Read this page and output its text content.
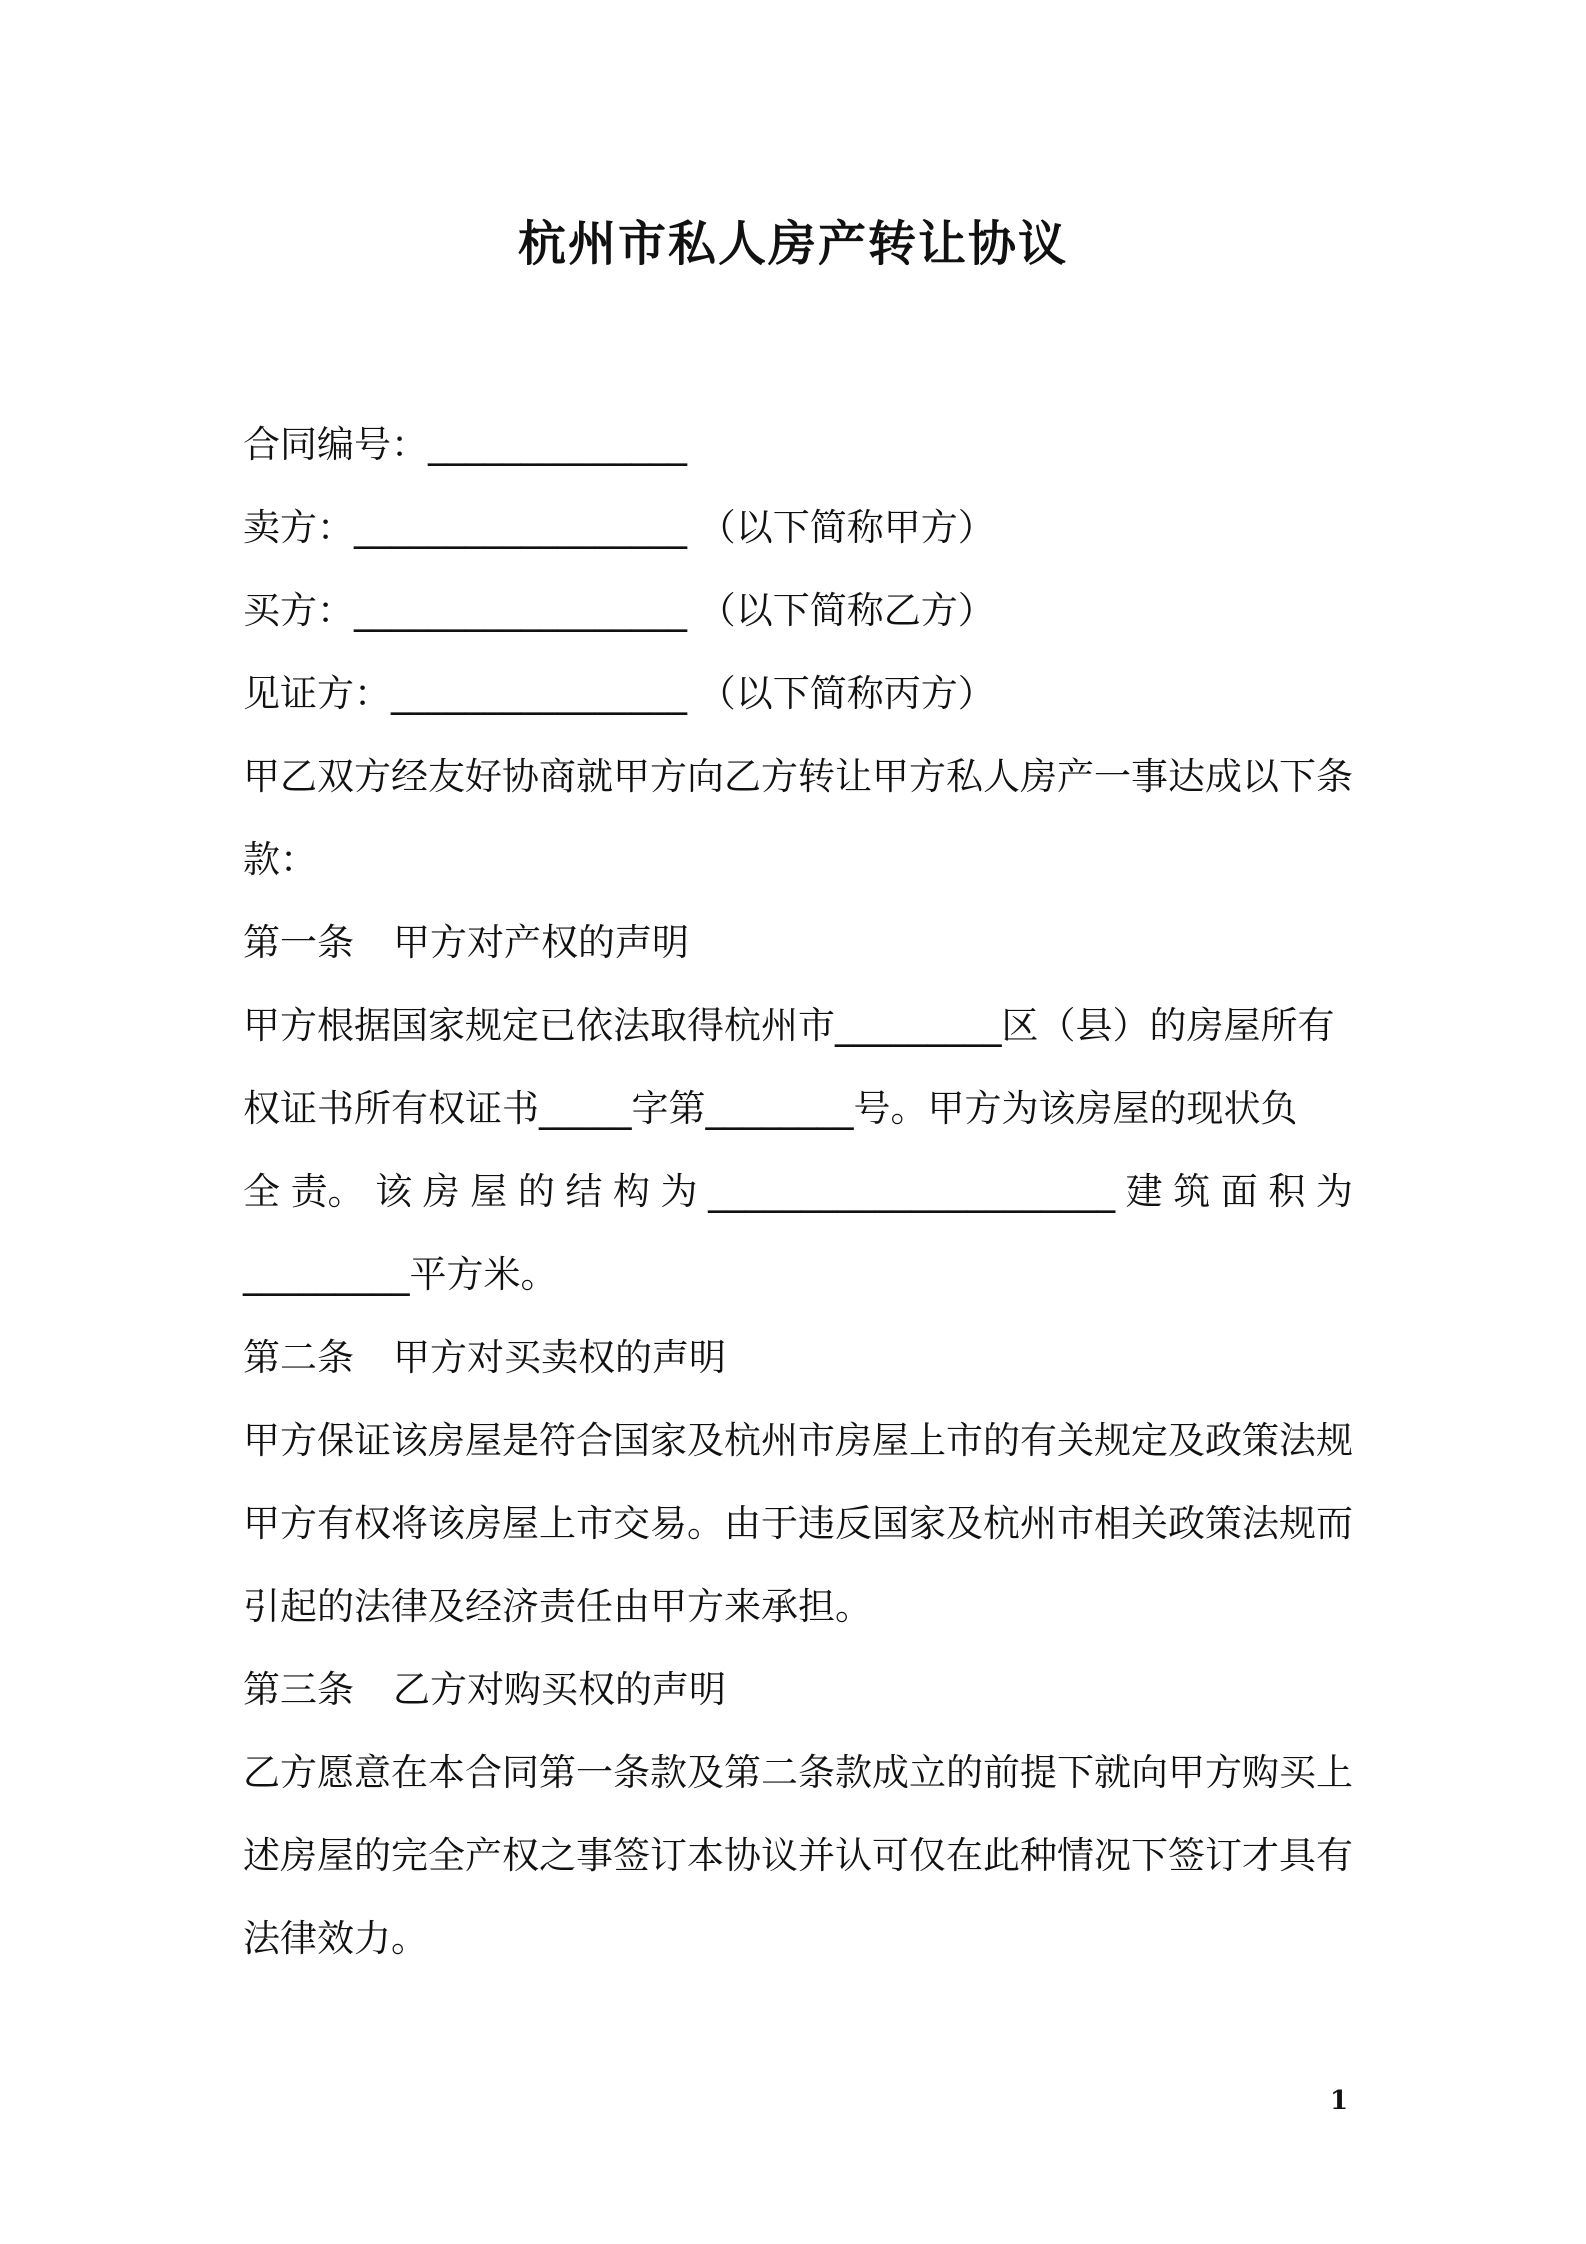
杭州市私人房产转让协议
合同编号：______________
卖方：__________________ （以下简称甲方）
买方：__________________ （以下简称乙方）
见证方：________________ （以下简称丙方）
甲乙双方经友好协商就甲方向乙方转让甲方私人房产一事达成以下条款：
第一条 甲方对产权的声明
甲方根据国家规定已依法取得杭州市_________区（县）的房屋所有
权证书所有权证书_____字第________号。甲方为该房屋的现状负
全 责。 该 房 屋 的 结 构 为 ______________________ 建 筑 面 积 为
_________平方米。
第二条 甲方对买卖权的声明
甲方保证该房屋是符合国家及杭州市房屋上市的有关规定及政策法规甲方有权将该房屋上市交易。由于违反国家及杭州市相关政策法规而引起的法律及经济责任由甲方来承担。
第三条 乙方对购买权的声明
乙方愿意在本合同第一条款及第二条款成立的前提下就向甲方购买上述房屋的完全产权之事签订本协议并认可仅在此种情况下签订才具有法律效力。
1
